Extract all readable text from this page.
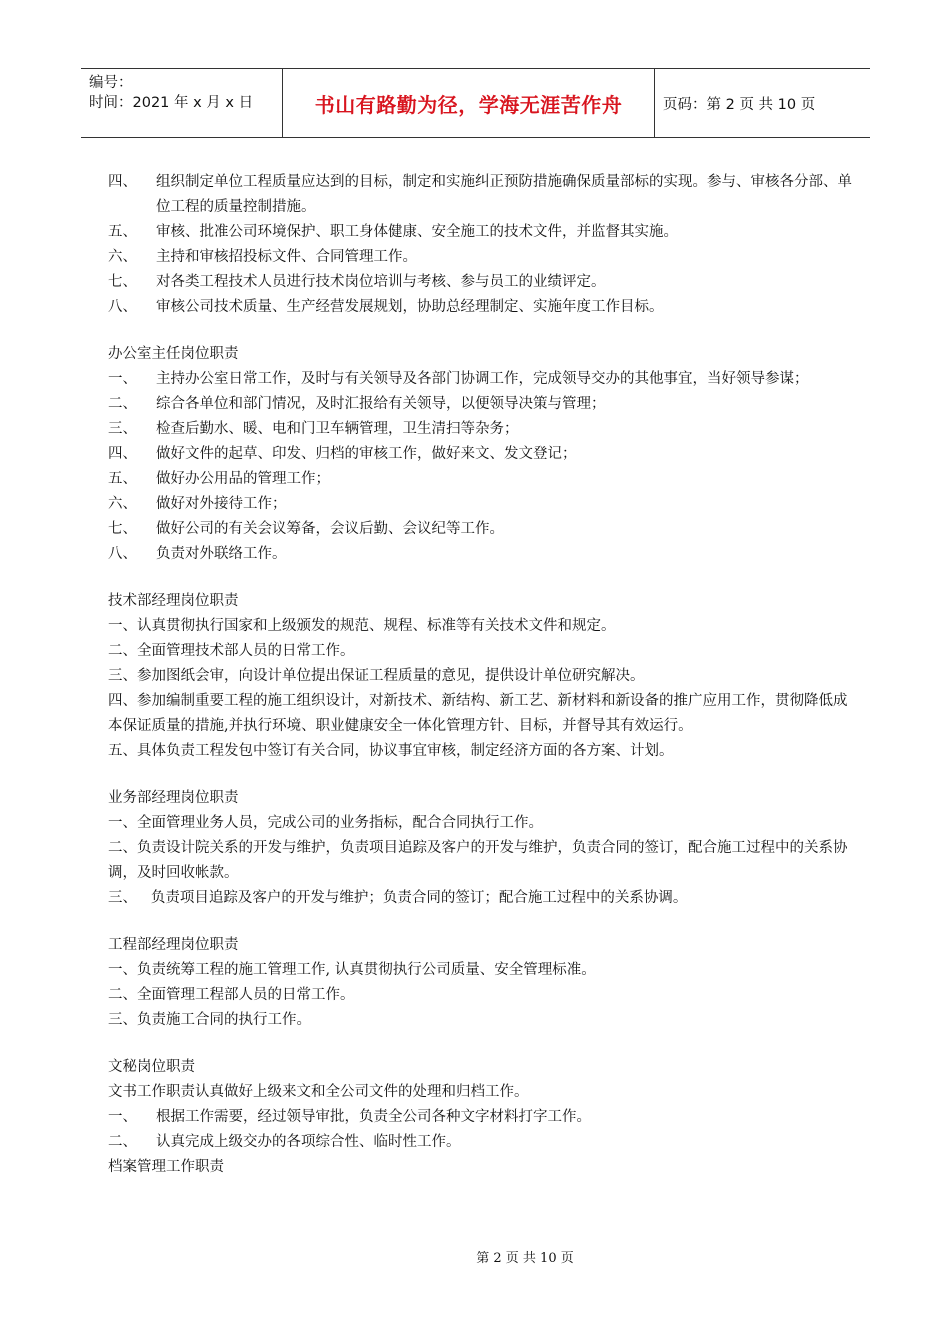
编号：
时间：2021 年 x 月 x 日	书山有路勤为径，学海无涯苦作舟	页码：第 2 页 共 10 页
四、	组织制定单位工程质量应达到的目标，制定和实施纠正预防措施确保质量部标的实现。参与、审核各分部、单位工程的质量控制措施。
五、	审核、批准公司环境保护、职工身体健康、安全施工的技术文件，并监督其实施。
六、	主持和审核招投标文件、合同管理工作。
七、	对各类工程技术人员进行技术岗位培训与考核、参与员工的业绩评定。
八、	审核公司技术质量、生产经营发展规划，协助总经理制定、实施年度工作目标。
办公室主任岗位职责
一、	主持办公室日常工作，及时与有关领导及各部门协调工作，完成领导交办的其他事宜，当好领导参谋；
二、	综合各单位和部门情况，及时汇报给有关领导，以便领导决策与管理；
三、	检查后勤水、暖、电和门卫车辆管理，卫生清扫等杂务；
四、	做好文件的起草、印发、归档的审核工作，做好来文、发文登记；
五、	做好办公用品的管理工作；
六、	做好对外接待工作；
七、	做好公司的有关会议筹备，会议后勤、会议纪等工作。
八、	负责对外联络工作。
技术部经理岗位职责
一、认真贯彻执行国家和上级颁发的规范、规程、标准等有关技术文件和规定。
二、全面管理技术部人员的日常工作。
三、参加图纸会审，向设计单位提出保证工程质量的意见，提供设计单位研究解决。
四、参加编制重要工程的施工组织设计，对新技术、新结构、新工艺、新材料和新设备的推广应用工作，贯彻降低成本保证质量的措施,并执行环境、职业健康安全一体化管理方针、目标，并督导其有效运行。
五、具体负责工程发包中签订有关合同，协议事宜审核，制定经济方面的各方案、计划。
业务部经理岗位职责
一、全面管理业务人员，完成公司的业务指标，配合合同执行工作。
二、负责设计院关系的开发与维护，负责项目追踪及客户的开发与维护，负责合同的签订，配合施工过程中的关系协调，及时回收帐款。
三、   负责项目追踪及客户的开发与维护；负责合同的签订；配合施工过程中的关系协调。
工程部经理岗位职责
一、负责统筹工程的施工管理工作, 认真贯彻执行公司质量、安全管理标准。
二、全面管理工程部人员的日常工作。
三、负责施工合同的执行工作。
文秘岗位职责
文书工作职责认真做好上级来文和全公司文件的处理和归档工作。
一、	根据工作需要，经过领导审批，负责全公司各种文字材料打字工作。
二、	认真完成上级交办的各项综合性、临时性工作。
档案管理工作职责
第 2 页 共 10 页
